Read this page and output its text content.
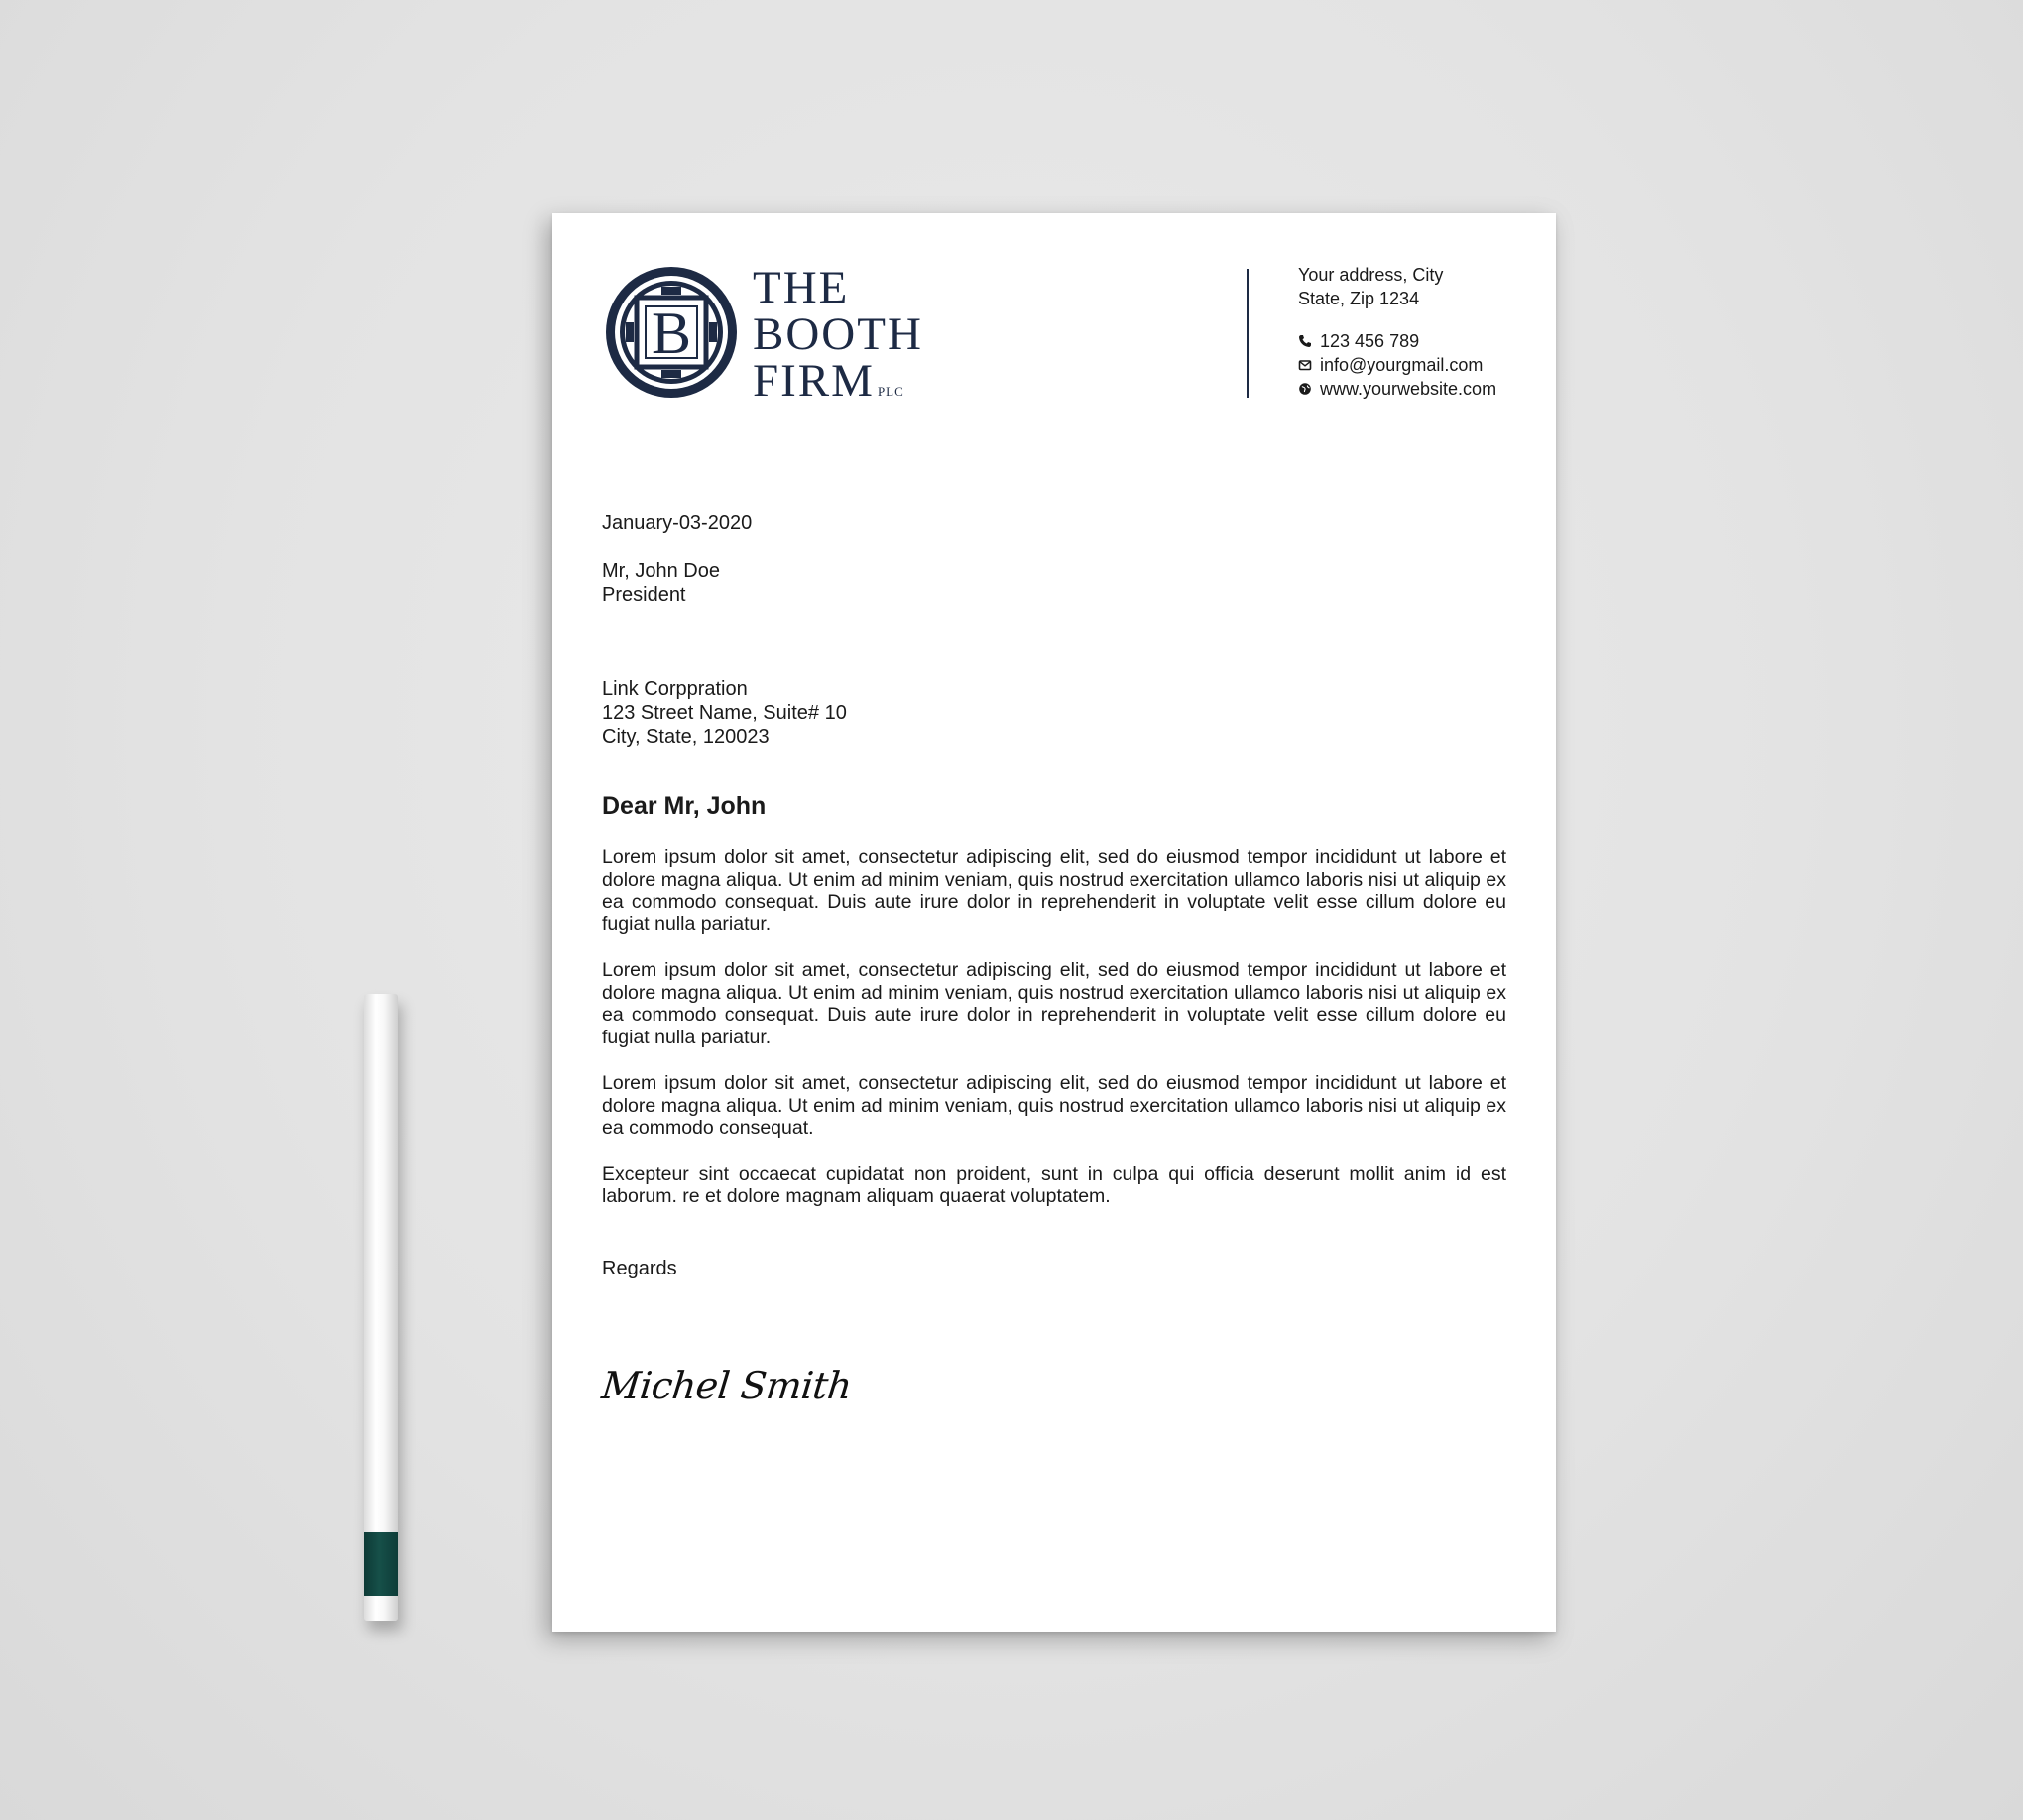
B
THE
BOOTH
FIRM PLC
Your address, City
State, Zip 1234
123 456 789
info@yourgmail.com
www.yourwebsite.com
January-03-2020
Mr, John Doe
President
Link Corppration
123 Street Name, Suite# 10
City, State, 120023
Dear Mr, John

Lorem ipsum dolor sit amet, consectetur adipiscing elit, sed do eiusmod tempor incididunt ut labore et dolore magna aliqua. Ut enim ad minim veniam, quis nostrud exercitation ullamco laboris nisi ut aliquip ex ea commodo consequat. Duis aute irure dolor in reprehenderit in voluptate velit esse cillum dolore eu fugiat nulla pariatur.

Lorem ipsum dolor sit amet, consectetur adipiscing elit, sed do eiusmod tempor incididunt ut labore et dolore magna aliqua. Ut enim ad minim veniam, quis nostrud exercitation ullamco laboris nisi ut aliquip ex ea commodo consequat. Duis aute irure dolor in reprehenderit in voluptate velit esse cillum dolore eu fugiat nulla pariatur.

Lorem ipsum dolor sit amet, consectetur adipiscing elit, sed do eiusmod tempor incididunt ut labore et dolore magna aliqua. Ut enim ad minim veniam, quis nostrud exercitation ullamco laboris nisi ut aliquip ex ea commodo consequat.

Excepteur sint occaecat cupidatat non proident, sunt in culpa qui officia deserunt mollit anim id est laborum. re et dolore magnam aliquam quaerat voluptatem.

Regards
Michel Smith
